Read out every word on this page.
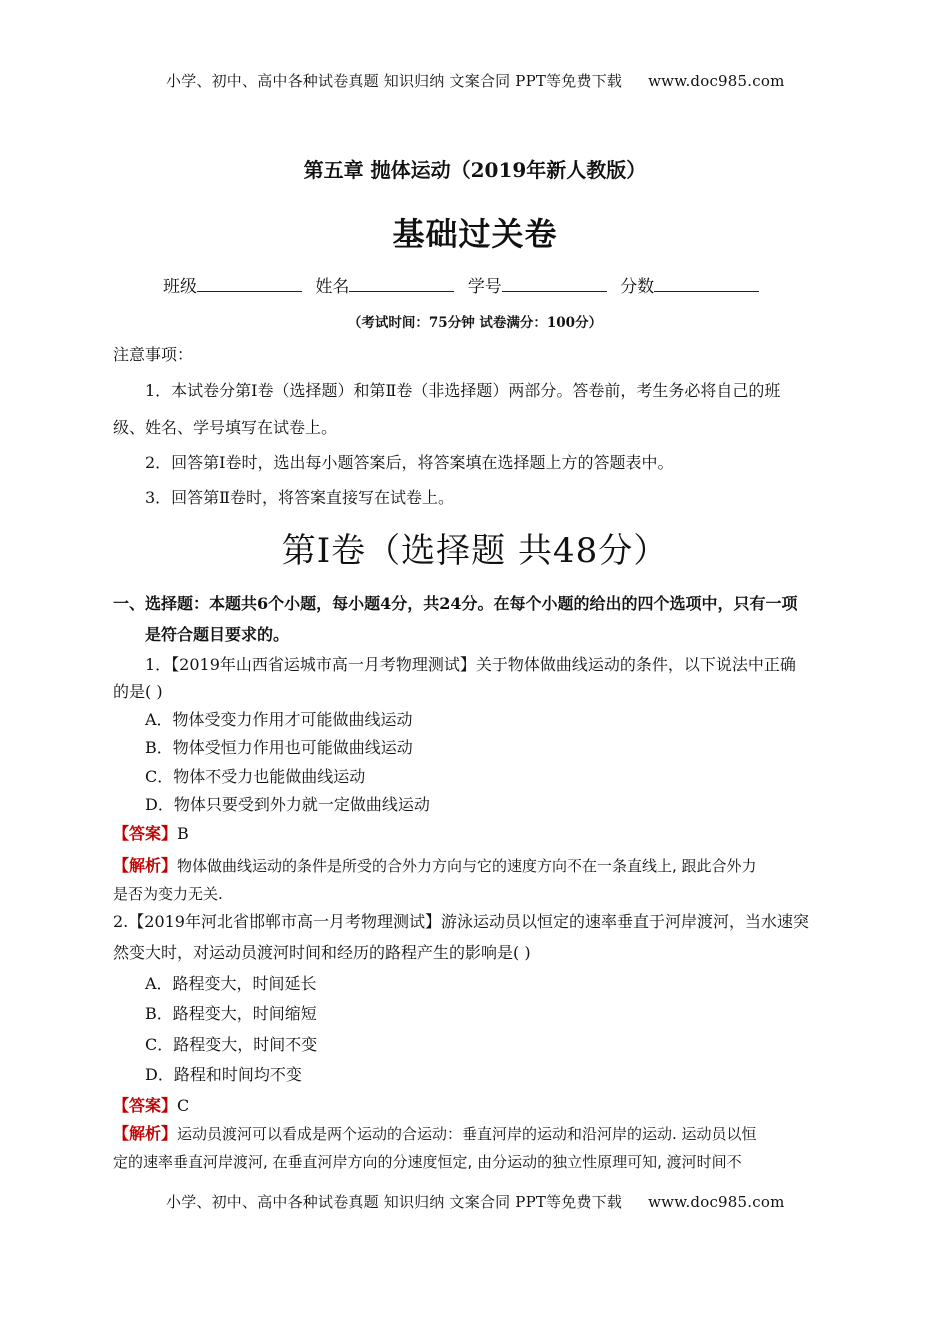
小学、初中、高中各种试卷真题 知识归纳 文案合同 PPT等免费下载 www.doc985.com
第五章 抛体运动（2019年新人教版）
基础过关卷
班级	姓名	学号	分数
（考试时间：75分钟 试卷满分：100分）
注意事项：
1．本试卷分第Ⅰ卷（选择题）和第Ⅱ卷（非选择题）两部分。答卷前，考生务必将自己的班
级、姓名、学号填写在试卷上。
2．回答第Ⅰ卷时，选出每小题答案后，将答案填在选择题上方的答题表中。
3．回答第Ⅱ卷时，将答案直接写在试卷上。
第Ⅰ卷（选择题 共48分）
一、选择题：本题共6个小题，每小题4分，共24分。在每个小题的给出的四个选项中，只有一项
是符合题目要求的。
1．【2019年山西省运城市高一月考物理测试】关于物体做曲线运动的条件，以下说法中正确
的是( )
A．物体受变力作用才可能做曲线运动
B．物体受恒力作用也可能做曲线运动
C．物体不受力也能做曲线运动
D．物体只要受到外力就一定做曲线运动
【答案】B
【解析】物体做曲线运动的条件是所受的合外力方向与它的速度方向不在一条直线上, 跟此合外力
是否为变力无关.
2.【2019年河北省邯郸市高一月考物理测试】游泳运动员以恒定的速率垂直于河岸渡河，当水速突
然变大时，对运动员渡河时间和经历的路程产生的影响是( )
A．路程变大，时间延长
B．路程变大，时间缩短
C．路程变大，时间不变
D．路程和时间均不变
【答案】C
【解析】运动员渡河可以看成是两个运动的合运动：垂直河岸的运动和沿河岸的运动. 运动员以恒
定的速率垂直河岸渡河, 在垂直河岸方向的分速度恒定, 由分运动的独立性原理可知, 渡河时间不
小学、初中、高中各种试卷真题 知识归纳 文案合同 PPT等免费下载 www.doc985.com
